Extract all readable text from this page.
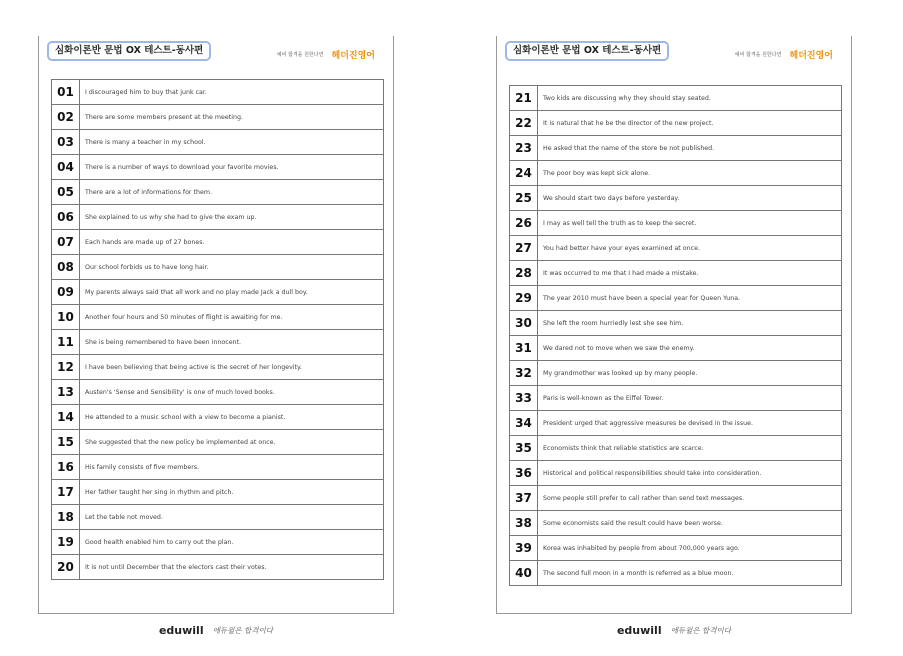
심화이론반 문법 OX 테스트-동사편	예비 합격을 원한다면 헤더진영어
01	I discouraged him to buy that junk car.
02	There are some members present at the meeting.
03	There is many a teacher in my school.
04	There is a number of ways to download your favorite movies.
05	There are a lot of informations for them.
06	She explained to us why she had to give the exam up.
07	Each hands are made up of 27 bones.
08	Our school forbids us to have long hair.
09	My parents always said that all work and no play made Jack a dull boy.
10	Another four hours and 50 minutes of flight is awaiting for me.
11	She is being remembered to have been innocent.
12	I have been believing that being active is the secret of her longevity.
13	Austen's 'Sense and Sensibility' is one of much loved books.
14	He attended to a music school with a view to become a pianist.
15	She suggested that the new policy be implemented at once.
16	His family consists of five members.
17	Her father taught her sing in rhythm and pitch.
18	Let the table not moved.
19	Good health enabled him to carry out the plan.
20	It is not until December that the electors cast their votes.
심화이론반 문법 OX 테스트-동사편	예비 합격을 원한다면 헤더진영어
21	Two kids are discussing why they should stay seated.
22	It is natural that he be the director of the new project.
23	He asked that the name of the store be not published.
24	The poor boy was kept sick alone.
25	We should start two days before yesterday.
26	I may as well tell the truth as to keep the secret.
27	You had better have your eyes examined at once.
28	It was occurred to me that I had made a mistake.
29	The year 2010 must have been a special year for Queen Yuna.
30	She left the room hurriedly lest she see him.
31	We dared not to move when we saw the enemy.
32	My grandmother was looked up by many people.
33	Paris is well-known as the Eiffel Tower.
34	President urged that aggressive measures be devised in the issue.
35	Economists think that reliable statistics are scarce.
36	Historical and political responsibilities should take into consideration.
37	Some people still prefer to call rather than send text messages.
38	Some economists said the result could have been worse.
39	Korea was inhabited by people from about 700,000 years ago.
40	The second full moon in a month is referred as a blue moon.
eduwill 에듀윌은 합격이다	eduwill 에듀윌은 합격이다
